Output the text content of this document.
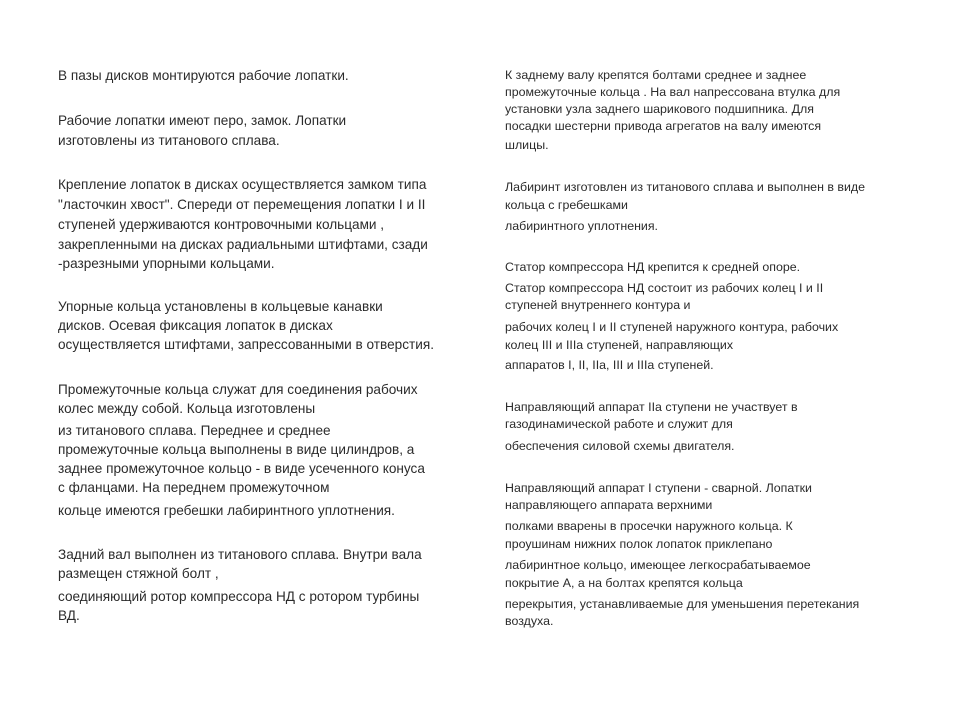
В пазы дисков монтируются рабочие лопатки.
Рабочие лопатки имеют перо, замок. Лопатки
изготовлены из титанового сплава.
Крепление лопаток в дисках осуществляется замком типа
"ласточкин хвост". Спереди от перемещения лопатки I и II
ступеней удерживаются контровочными кольцами ,
закрепленными на дисках радиальными штифтами, сзади
-разрезными упорными кольцами.
Упорные кольца установлены в кольцевые канавки
дисков. Осевая фиксация лопаток в дисках
осуществляется штифтами, запрессованными в отверстия.
Промежуточные кольца служат для соединения рабочих
колес между собой. Кольца изготовлены
из титанового сплава. Переднее и среднее
промежуточные кольца выполнены в виде цилиндров, а
заднее промежуточное кольцо - в виде усеченного конуса
с фланцами. На переднем промежуточном
кольце имеются гребешки лабиринтного уплотнения.
Задний вал выполнен из титанового сплава. Внутри вала
размещен стяжной болт ,
соединяющий ротор компрессора НД с ротором турбины
ВД.
К заднему валу крепятся болтами среднее и заднее
промежуточные кольца . На вал напрессована втулка для
установки узла заднего шарикового подшипника. Для
посадки шестерни привода агрегатов на валу имеются
шлицы.
Лабиринт изготовлен из титанового сплава и выполнен в виде
кольца с гребешками
лабиринтного уплотнения.
Статор компрессора НД крепится к средней опоре.
Статор компрессора НД состоит из рабочих колец I и II
ступеней внутреннего контура и
рабочих колец I и II ступеней наружного контура, рабочих
колец III и IIIa ступеней, направляющих
аппаратов I, II, IIa, III и IIIa ступеней.
Направляющий аппарат IIa ступени не участвует в
газодинамической работе и служит для
обеспечения силовой схемы двигателя.
Направляющий аппарат I ступени - сварной. Лопатки
направляющего аппарата верхними
полками вварены в просечки наружного кольца. К
проушинам нижних полок лопаток приклепано
лабиринтное кольцо, имеющее легкосрабатываемое
покрытие А, а на болтах крепятся кольца
перекрытия, устанавливаемые для уменьшения перетекания
воздуха.
